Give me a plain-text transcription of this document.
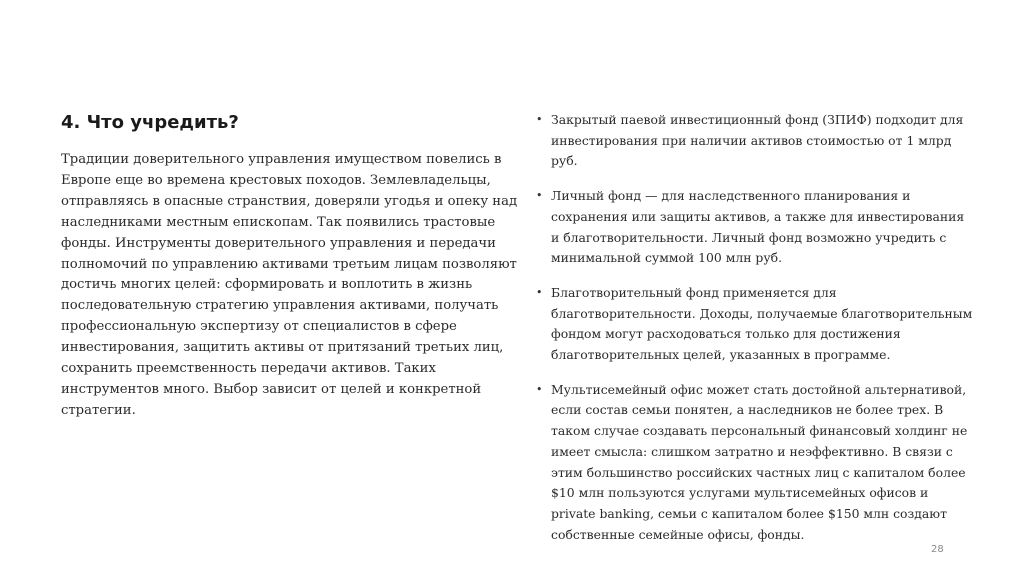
4. Что учредить?

Традиции доверительного управления имуществом повелись в Европе еще во времена крестовых походов. Землевладельцы, отправляясь в опасные странствия, доверяли угодья и опеку над наследниками местным епископам. Так появились трастовые фонды. Инструменты доверительного управления и передачи полномочий по управлению активами третьим лицам позволяют достичь многих целей: сформировать и воплотить в жизнь последовательную стратегию управления активами, получать профессиональную экспертизу от специалистов в сфере инвестирования, защитить активы от притязаний третьих лиц, сохранить преемственность передачи активов. Таких инструментов много. Выбор зависит от целей и конкретной стратегии.

• Закрытый паевой инвестиционный фонд (ЗПИФ) подходит для инвестирования при наличии активов стоимостью от 1 млрд руб.
• Личный фонд — для наследственного планирования и сохранения или защиты активов, а также для инвестирования и благотворительности. Личный фонд возможно учредить с минимальной суммой 100 млн руб.
• Благотворительный фонд применяется для благотворительности. Доходы, получаемые благотворительным фондом могут расходоваться только для достижения благотворительных целей, указанных в программе.
• Мультисемейный офис может стать достойной альтернативой, если состав семьи понятен, а наследников не более трех. В таком случае создавать персональный финансовый холдинг не имеет смысла: слишком затратно и неэффективно. В связи с этим большинство российских частных лиц с капиталом более $10 млн пользуются услугами мультисемейных офисов и private banking, семьи с капиталом более $150 млн создают собственные семейные офисы, фонды.
28
